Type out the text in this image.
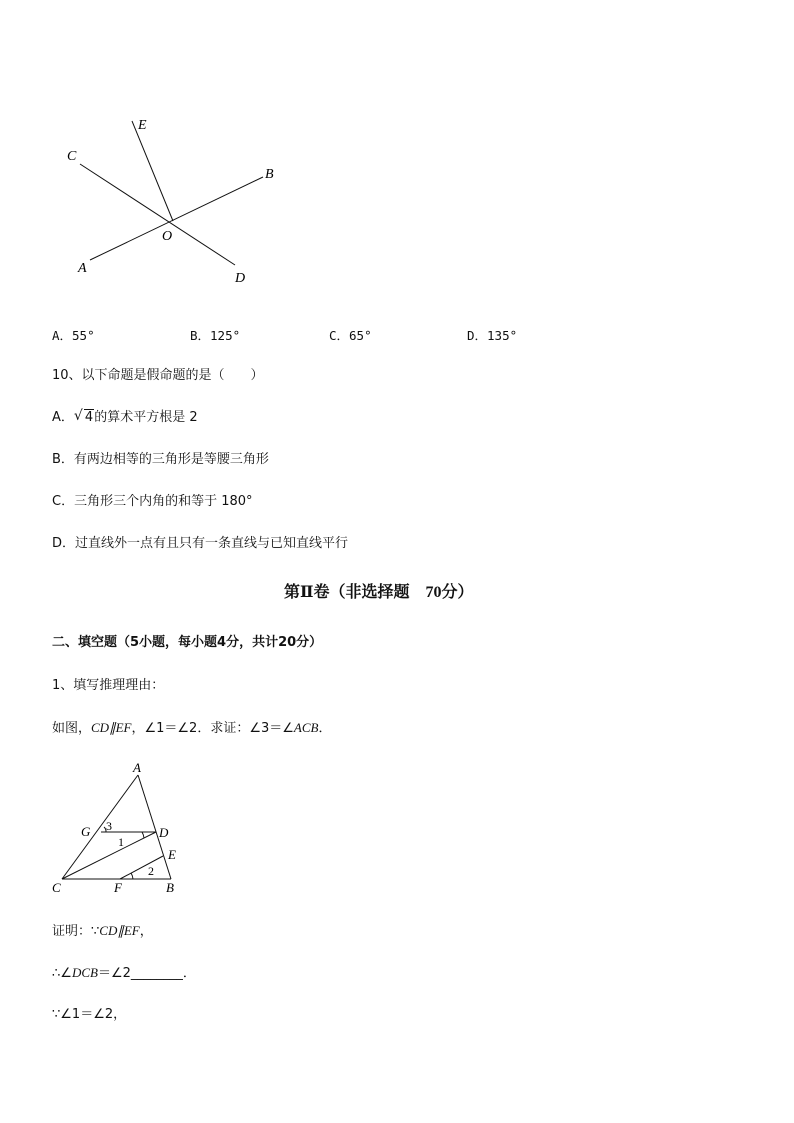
E
C
B
O
A
D
A．55°	B．125°	C．65°	D．135°
10、以下命题是假命题的是（　　）
A． √ 4的算术平方根是 2
B．有两边相等的三角形是等腰三角形
C．三角形三个内角的和等于 180°
D．过直线外一点有且只有一条直线与已知直线平行
第Ⅱ卷（非选择题　70分）
二、填空题（5小题，每小题4分，共计20分）
1、填写推理理由：
如图，CD∥EF，∠1＝∠2．求证：∠3＝∠ACB．
A
G	D
E
C	F	B
3
1
2
证明：∵CD∥EF，
∴∠DCB＝∠2________．
∵∠1＝∠2，
